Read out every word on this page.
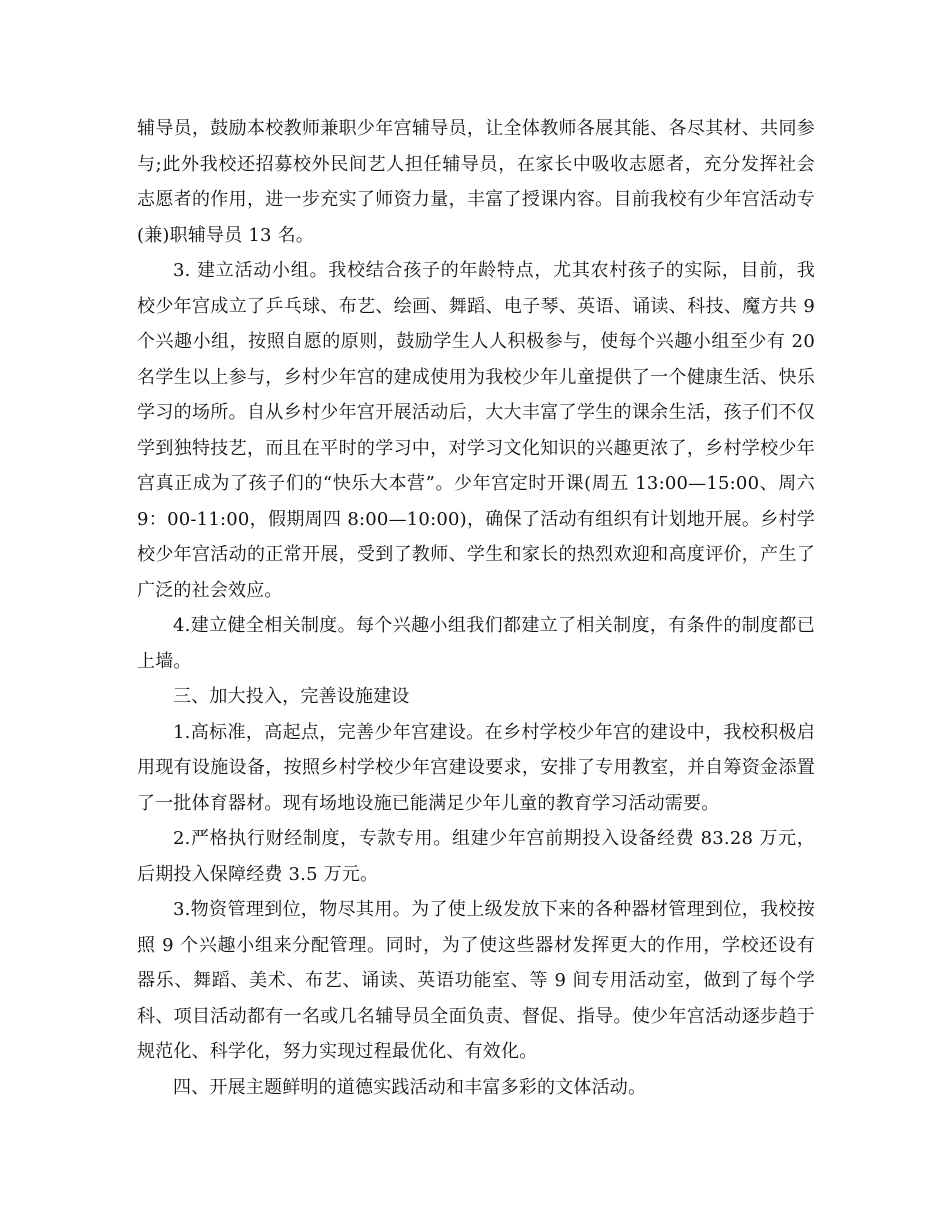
辅导员，鼓励本校教师兼职少年宫辅导员，让全体教师各展其能、各尽其材、共同参与;此外我校还招募校外民间艺人担任辅导员，在家长中吸收志愿者，充分发挥社会志愿者的作用，进一步充实了师资力量，丰富了授课内容。目前我校有少年宫活动专(兼)职辅导员 13 名。

3. 建立活动小组。我校结合孩子的年龄特点，尤其农村孩子的实际，目前，我校少年宫成立了乒乓球、布艺、绘画、舞蹈、电子琴、英语、诵读、科技、魔方共 9 个兴趣小组，按照自愿的原则，鼓励学生人人积极参与，使每个兴趣小组至少有 20 名学生以上参与，乡村少年宫的建成使用为我校少年儿童提供了一个健康生活、快乐学习的场所。自从乡村少年宫开展活动后，大大丰富了学生的课余生活，孩子们不仅学到独特技艺，而且在平时的学习中，对学习文化知识的兴趣更浓了，乡村学校少年宫真正成为了孩子们的“快乐大本营”。少年宫定时开课(周五 13:00—15:00、周六 9：00-11:00，假期周四 8:00—10:00)，确保了活动有组织有计划地开展。乡村学校少年宫活动的正常开展，受到了教师、学生和家长的热烈欢迎和高度评价，产生了广泛的社会效应。

4.建立健全相关制度。每个兴趣小组我们都建立了相关制度，有条件的制度都已上墙。

三、加大投入，完善设施建设

1.高标准，高起点，完善少年宫建设。在乡村学校少年宫的建设中，我校积极启用现有设施设备，按照乡村学校少年宫建设要求，安排了专用教室，并自筹资金添置了一批体育器材。现有场地设施已能满足少年儿童的教育学习活动需要。

2.严格执行财经制度，专款专用。组建少年宫前期投入设备经费 83.28 万元，后期投入保障经费 3.5 万元。

3.物资管理到位，物尽其用。为了使上级发放下来的各种器材管理到位，我校按照 9 个兴趣小组来分配管理。同时，为了使这些器材发挥更大的作用，学校还设有器乐、舞蹈、美术、布艺、诵读、英语功能室、等 9 间专用活动室，做到了每个学科、项目活动都有一名或几名辅导员全面负责、督促、指导。使少年宫活动逐步趋于规范化、科学化，努力实现过程最优化、有效化。

四、开展主题鲜明的道德实践活动和丰富多彩的文体活动。
